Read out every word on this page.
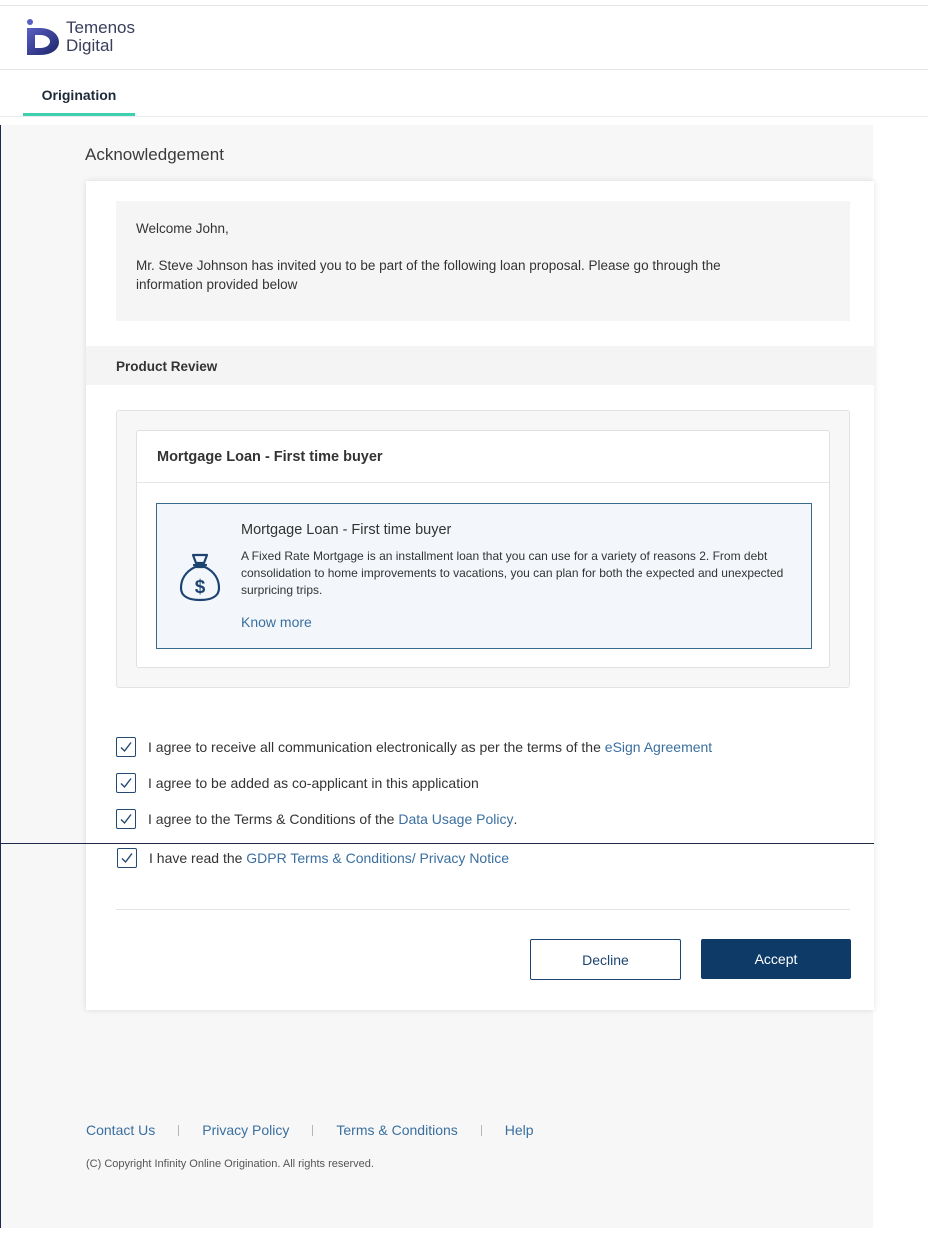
Temenos
Digital
Origination
Acknowledgement

Welcome John,

Mr. Steve Johnson has invited you to be part of the following loan proposal. Please go through the information provided below

Product Review
Mortgage Loan - First time buyer
$
Mortgage Loan - First time buyer
A Fixed Rate Mortgage is an installment loan that you can use for a variety of reasons 2. From debt consolidation to home improvements to vacations, you can plan for both the expected and unexpected surpricing trips.
Know more
I agree to receive all communication electronically as per the terms of the
eSign Agreement
I agree to be added as co-applicant in this application
I agree to the Terms & Conditions of the
Data Usage Policy .
I have read the
GDPR Terms & Conditions/ Privacy Notice
Decline	Accept
Contact Us	Privacy Policy	Terms & Conditions	Help
(C) Copyright Infinity Online Origination. All rights reserved.
